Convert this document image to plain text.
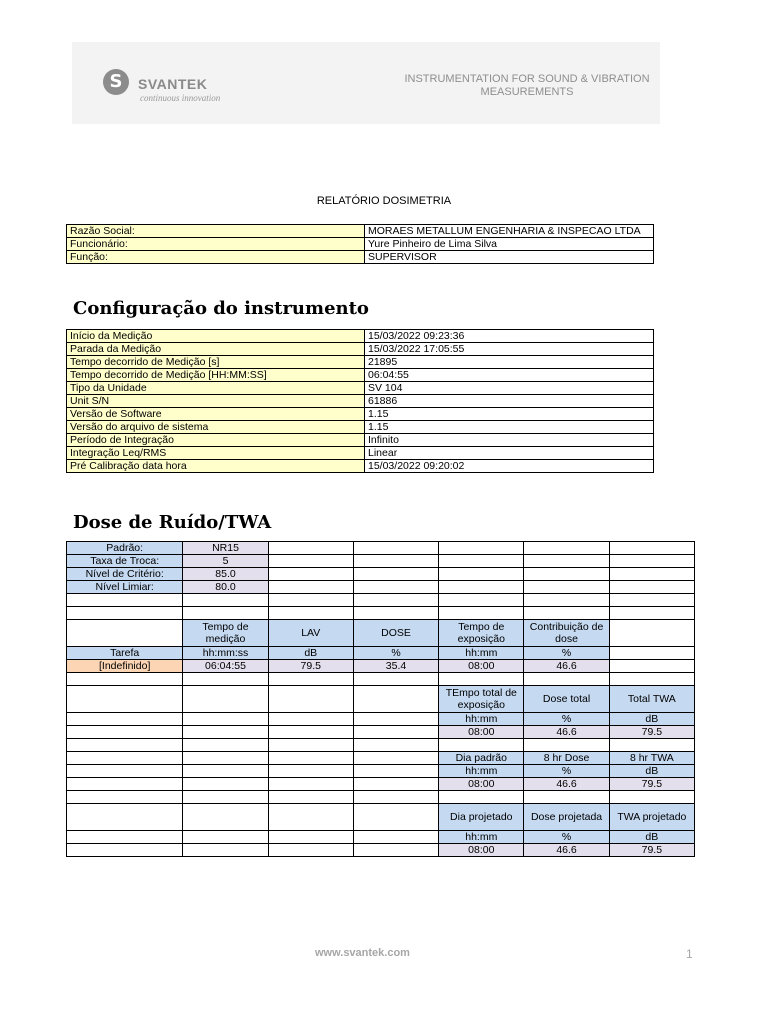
S	SVANTEK
continuous innovation
INSTRUMENTATION FOR SOUND & VIBRATION
MEASUREMENTS
RELATÓRIO DOSIMETRIA
Razão Social:	MORAES METALLUM ENGENHARIA & INSPECAO LTDA
Funcionário:	Yure Pinheiro de Lima Silva
Função:	SUPERVISOR
Configuração do instrumento
Início da Medição	15/03/2022 09:23:36
Parada da Medição	15/03/2022 17:05:55
Tempo decorrido de Medição [s]	21895
Tempo decorrido de Medição [HH:MM:SS]	06:04:55
Tipo da Unidade	SV 104
Unit S/N	61886
Versão de Software	1.15
Versão do arquivo de sistema	1.15
Período de Integração	Infinito
Integração Leq/RMS	Linear
Pré Calibração data hora	15/03/2022 09:20:02
Dose de Ruído/TWA
Padrão:	NR15					
Taxa de Troca:	5					
Nível de Critério:	85.0					
Nível Limiar:	80.0					

	Tempo de medição	LAV	DOSE	Tempo de exposição	Contribuição de dose	
Tarefa	hh:mm:ss	dB	%	hh:mm	%	
[Indefinido]	06:04:55	79.5	35.4	08:00	46.6	

				TEmpo total de exposição	Dose total	Total TWA
				hh:mm	%	dB
				08:00	46.6	79.5

				Dia padrão	8 hr Dose	8 hr TWA
				hh:mm	%	dB
				08:00	46.6	79.5

				Dia projetado	Dose projetada	TWA projetado
				hh:mm	%	dB
				08:00	46.6	79.5
www.svantek.com	1
